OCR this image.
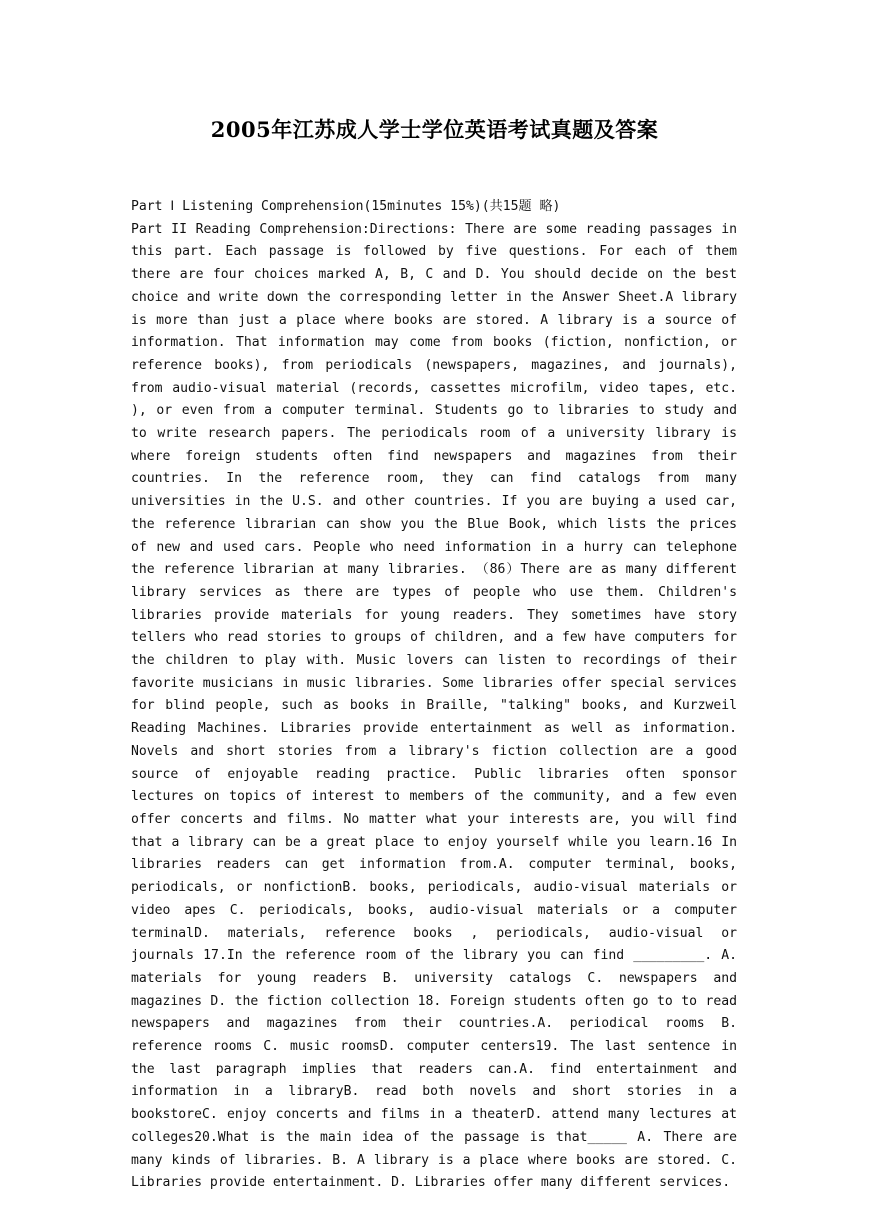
2005年江苏成人学士学位英语考试真题及答案
Part Ⅰ Listening Comprehension(15minutes 15%)(共15题 略)
Part II Reading Comprehension:Directions: There are some reading passages in this part. Each passage is followed by five questions. For each of them there are four choices marked A, B, C and D. You should decide on the best choice and write down the corresponding letter in the Answer Sheet.A library is more than just a place where books are stored. A library is a source of information. That information may come from books (fiction, nonfiction, or reference books), from periodicals (newspapers, magazines, and journals), from audio-visual material (records, cassettes microfilm, video tapes, etc. ), or even from a computer terminal. Students go to libraries to study and to write research papers. The periodicals room of a university library is where foreign students often find newspapers and magazines from their countries. In the reference room, they can find catalogs from many universities in the U.S. and other countries. If you are buying a used car, the reference librarian can show you the Blue Book, which lists the prices of new and used cars. People who need information in a hurry can telephone the reference librarian at many libraries. （86）There are as many different library services as there are types of people who use them. Children's libraries provide materials for young readers. They sometimes have story tellers who read stories to groups of children, and a few have computers for the children to play with. Music lovers can listen to recordings of their favorite musicians in music libraries. Some libraries offer special services for blind people, such as books in Braille, "talking" books, and Kurzweil Reading Machines. Libraries provide entertainment as well as information. Novels and short stories from a library's fiction collection are a good source of enjoyable reading practice. Public libraries often sponsor lectures on topics of interest to members of the community, and a few even offer concerts and films. No matter what your interests are, you will find that a library can be a great place to enjoy yourself while you learn.16 In libraries readers can get information from.A. computer terminal, books, periodicals, or nonfictionB. books, periodicals, audio-visual materials or video apes C. periodicals, books, audio-visual materials or a computer terminalD. materials, reference books , periodicals, audio-visual or journals 17.In the reference room of the library you can find _________. A. materials for young readers B. university catalogs C. newspapers and magazines D. the fiction collection 18. Foreign students often go to to read newspapers and magazines from their countries.A. periodical rooms B. reference rooms C. music roomsD. computer centers19. The last sentence in the last paragraph implies that readers can.A. find entertainment and information in a libraryB. read both novels and short stories in a bookstoreC. enjoy concerts and films in a theaterD. attend many lectures at colleges20.What is the main idea of the passage is that_____ A. There are many kinds of libraries. B. A library is a place where books are stored. C. Libraries provide entertainment. D. Libraries offer many different services.
